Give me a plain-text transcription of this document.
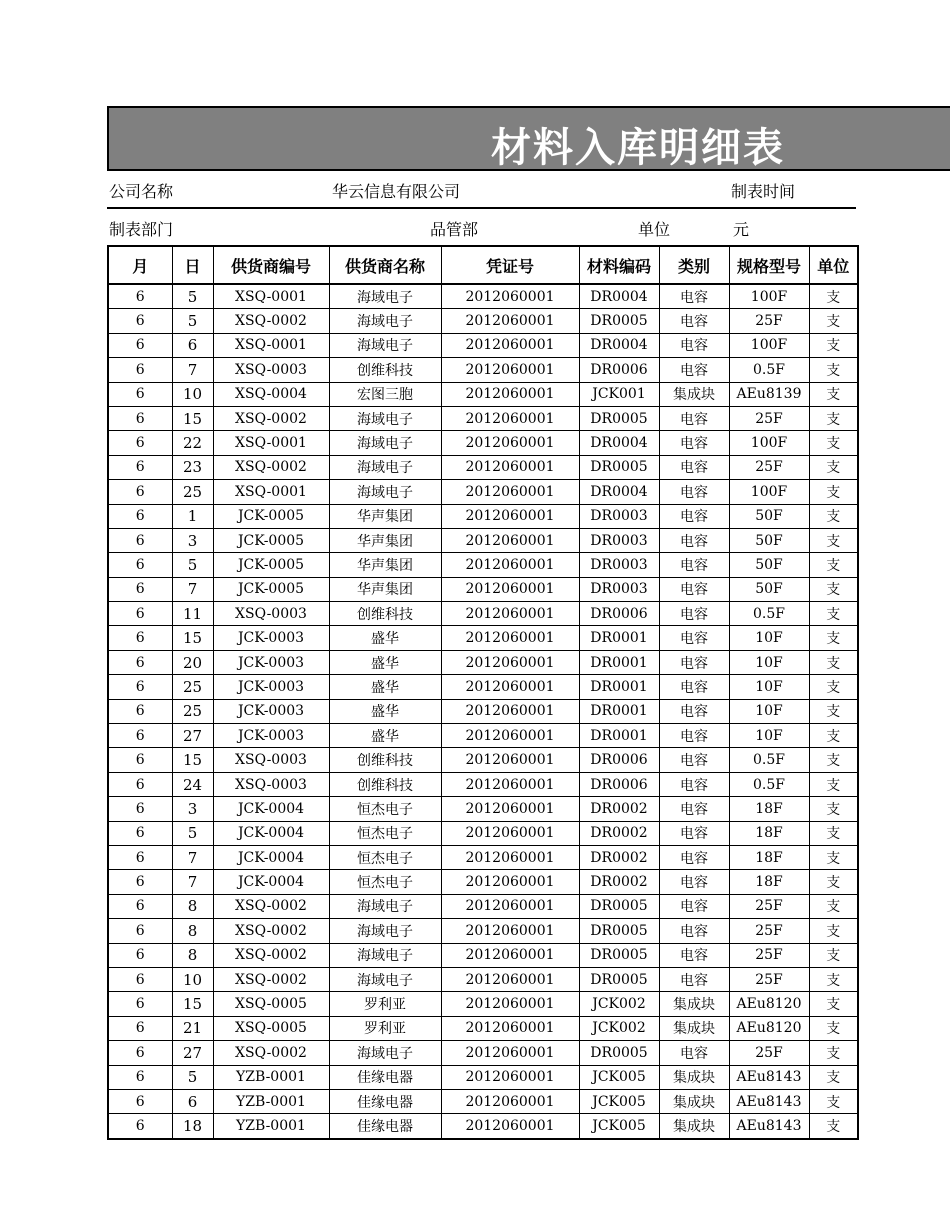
材料入库明细表
公司名称	华云信息有限公司	制表时间
制表部门	品管部	单位	元
月	日	供货商编号	供货商名称	凭证号	材料编码	类别	规格型号	单位
6	5	XSQ-0001	海域电子	2012060001	DR0004	电容	100F	支
6	5	XSQ-0002	海域电子	2012060001	DR0005	电容	25F	支
6	6	XSQ-0001	海域电子	2012060001	DR0004	电容	100F	支
6	7	XSQ-0003	创维科技	2012060001	DR0006	电容	0.5F	支
6	10	XSQ-0004	宏图三胞	2012060001	JCK001	集成块	AEu8139	支
6	15	XSQ-0002	海域电子	2012060001	DR0005	电容	25F	支
6	22	XSQ-0001	海域电子	2012060001	DR0004	电容	100F	支
6	23	XSQ-0002	海域电子	2012060001	DR0005	电容	25F	支
6	25	XSQ-0001	海域电子	2012060001	DR0004	电容	100F	支
6	1	JCK-0005	华声集团	2012060001	DR0003	电容	50F	支
6	3	JCK-0005	华声集团	2012060001	DR0003	电容	50F	支
6	5	JCK-0005	华声集团	2012060001	DR0003	电容	50F	支
6	7	JCK-0005	华声集团	2012060001	DR0003	电容	50F	支
6	11	XSQ-0003	创维科技	2012060001	DR0006	电容	0.5F	支
6	15	JCK-0003	盛华	2012060001	DR0001	电容	10F	支
6	20	JCK-0003	盛华	2012060001	DR0001	电容	10F	支
6	25	JCK-0003	盛华	2012060001	DR0001	电容	10F	支
6	25	JCK-0003	盛华	2012060001	DR0001	电容	10F	支
6	27	JCK-0003	盛华	2012060001	DR0001	电容	10F	支
6	15	XSQ-0003	创维科技	2012060001	DR0006	电容	0.5F	支
6	24	XSQ-0003	创维科技	2012060001	DR0006	电容	0.5F	支
6	3	JCK-0004	恒杰电子	2012060001	DR0002	电容	18F	支
6	5	JCK-0004	恒杰电子	2012060001	DR0002	电容	18F	支
6	7	JCK-0004	恒杰电子	2012060001	DR0002	电容	18F	支
6	7	JCK-0004	恒杰电子	2012060001	DR0002	电容	18F	支
6	8	XSQ-0002	海域电子	2012060001	DR0005	电容	25F	支
6	8	XSQ-0002	海域电子	2012060001	DR0005	电容	25F	支
6	8	XSQ-0002	海域电子	2012060001	DR0005	电容	25F	支
6	10	XSQ-0002	海域电子	2012060001	DR0005	电容	25F	支
6	15	XSQ-0005	罗利亚	2012060001	JCK002	集成块	AEu8120	支
6	21	XSQ-0005	罗利亚	2012060001	JCK002	集成块	AEu8120	支
6	27	XSQ-0002	海域电子	2012060001	DR0005	电容	25F	支
6	5	YZB-0001	佳缘电器	2012060001	JCK005	集成块	AEu8143	支
6	6	YZB-0001	佳缘电器	2012060001	JCK005	集成块	AEu8143	支
6	18	YZB-0001	佳缘电器	2012060001	JCK005	集成块	AEu8143	支
